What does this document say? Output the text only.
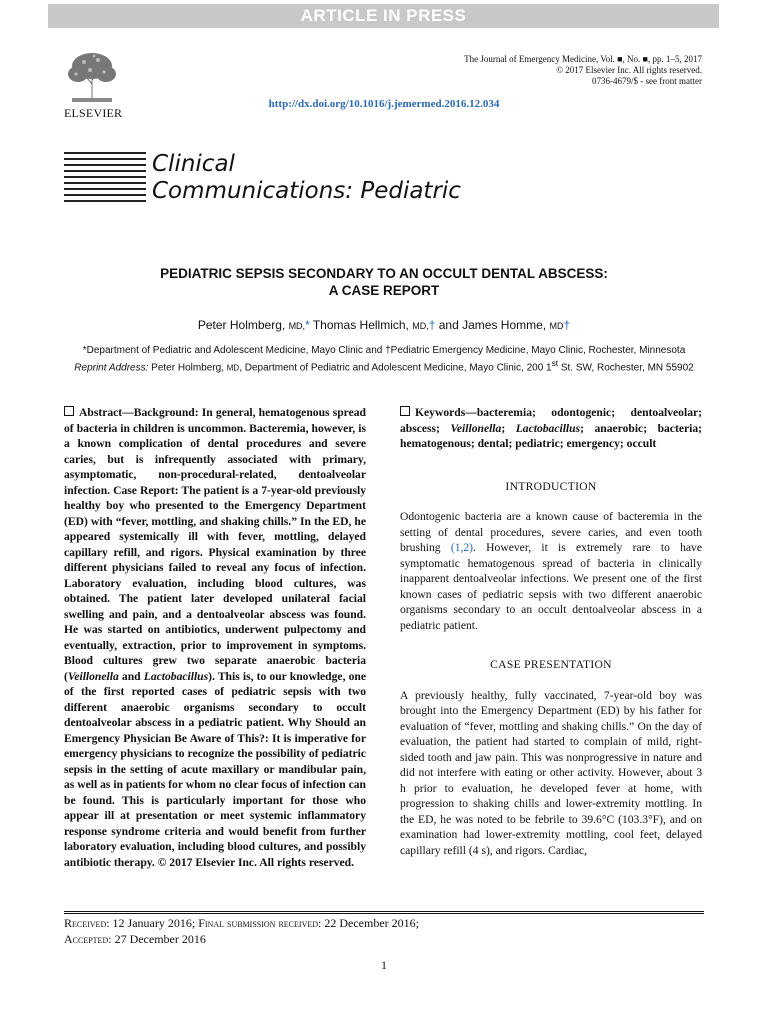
ARTICLE IN PRESS
ELSEVIER
The Journal of Emergency Medicine, Vol. ■, No. ■, pp. 1–5, 2017
© 2017 Elsevier Inc. All rights reserved.
0736-4679/$ - see front matter
http://dx.doi.org/10.1016/j.jemermed.2016.12.034
Clinical
Communications: Pediatric
PEDIATRIC SEPSIS SECONDARY TO AN OCCULT DENTAL ABSCESS:
A CASE REPORT
Peter Holmberg, MD,* Thomas Hellmich, MD,† and James Homme, MD†
*Department of Pediatric and Adolescent Medicine, Mayo Clinic and †Pediatric Emergency Medicine, Mayo Clinic, Rochester, Minnesota
Reprint Address: Peter Holmberg, MD, Department of Pediatric and Adolescent Medicine, Mayo Clinic, 200 1st St. SW, Rochester, MN 55902

Abstract—Background: In general, hematogenous spread of bacteria in children is uncommon. Bacteremia, however, is a known complication of dental procedures and severe caries, but is infrequently associated with primary, asymptomatic, non-procedural-related, dentoalveolar infection. Case Report: The patient is a 7-year-old previously healthy boy who presented to the Emergency Department (ED) with “fever, mottling, and shaking chills.” In the ED, he appeared systemically ill with fever, mottling, delayed capillary refill, and rigors. Physical examination by three different physicians failed to reveal any focus of infection. Laboratory evaluation, including blood cultures, was obtained. The patient later developed unilateral facial swelling and pain, and a dentoalveolar abscess was found. He was started on antibiotics, underwent pulpectomy and eventually, extraction, prior to improvement in symptoms. Blood cultures grew two separate anaerobic bacteria (Veillonella and Lactobacillus). This is, to our knowledge, one of the first reported cases of pediatric sepsis with two different anaerobic organisms secondary to occult dentoalveolar abscess in a pediatric patient. Why Should an Emergency Physician Be Aware of This?: It is imperative for emergency physicians to recognize the possibility of pediatric sepsis in the setting of acute maxillary or mandibular pain, as well as in patients for whom no clear focus of infection can be found. This is particularly important for those who appear ill at presentation or meet systemic inflammatory response syndrome criteria and would benefit from further laboratory evaluation, including blood cultures, and possibly antibiotic therapy. © 2017 Elsevier Inc. All rights reserved.

Keywords—bacteremia; odontogenic; dentoalveolar; abscess; Veillonella; Lactobacillus; anaerobic; bacteria; hematogenous; dental; pediatric; emergency; occult

INTRODUCTION

Odontogenic bacteria are a known cause of bacteremia in the setting of dental procedures, severe caries, and even tooth brushing (1,2). However, it is extremely rare to have symptomatic hematogenous spread of bacteria in clinically inapparent dentoalveolar infections. We present one of the first known cases of pediatric sepsis with two different anaerobic organisms secondary to an occult dentoalveolar abscess in a pediatric patient.

CASE PRESENTATION

A previously healthy, fully vaccinated, 7-year-old boy was brought into the Emergency Department (ED) by his father for evaluation of “fever, mottling and shaking chills.” On the day of evaluation, the patient had started to complain of mild, right-sided tooth and jaw pain. This was nonprogressive in nature and did not interfere with eating or other activity. However, about 3 h prior to evaluation, he developed fever at home, with progression to shaking chills and lower-extremity mottling. In the ED, he was noted to be febrile to 39.6°C (103.3°F), and on examination had lower-extremity mottling, cool feet, delayed capillary refill (4 s), and rigors. Cardiac,

Received: 12 January 2016; Final submission received: 22 December 2016;
Accepted: 27 December 2016
1
